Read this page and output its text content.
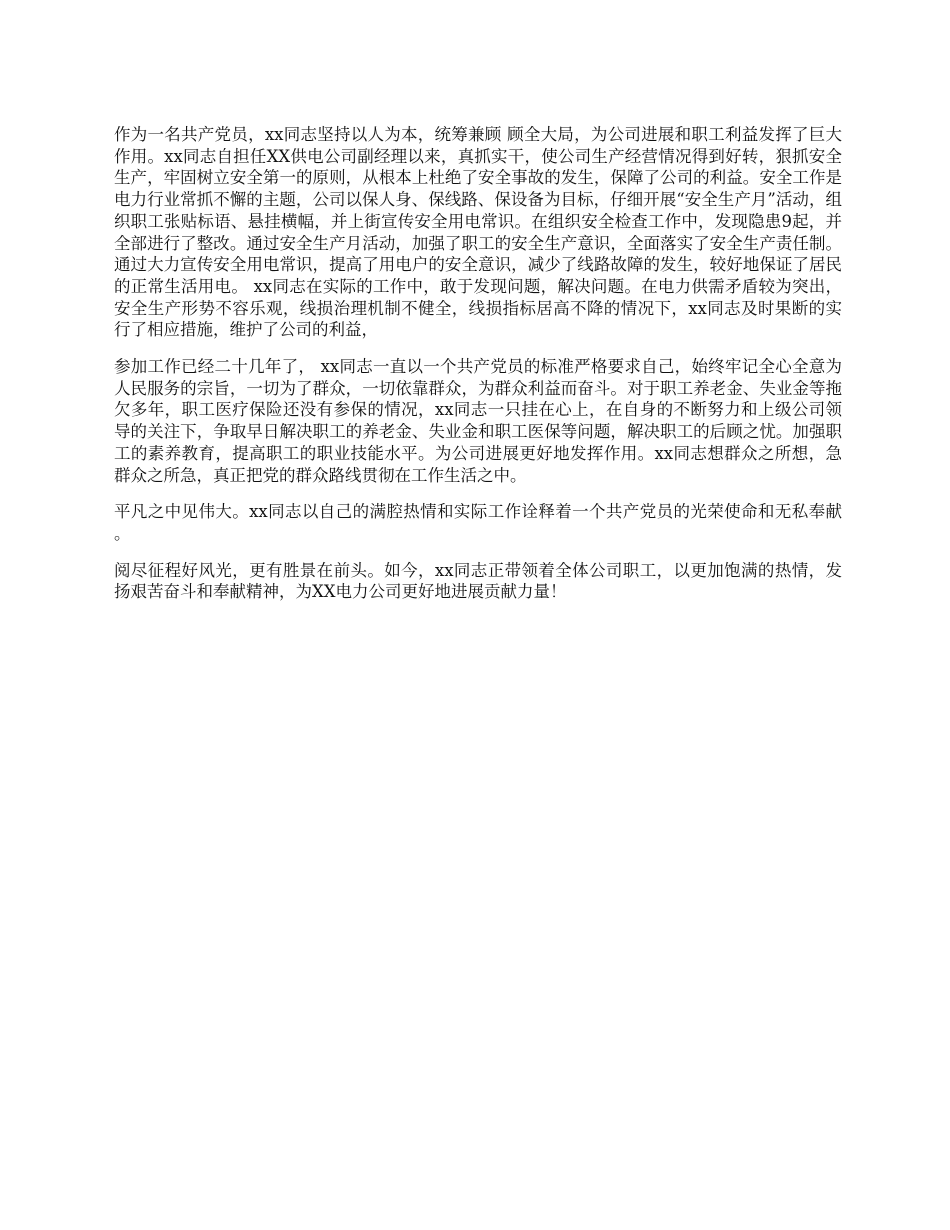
作为一名共产党员，xx同志坚持以人为本，统筹兼顾 顾全大局，为公司进展和职工利益发挥了巨大作用。xx同志自担任XX供电公司副经理以来，真抓实干，使公司生产经营情况得到好转，狠抓安全生产，牢固树立安全第一的原则，从根本上杜绝了安全事故的发生，保障了公司的利益。安全工作是电力行业常抓不懈的主题，公司以保人身、保线路、保设备为目标，仔细开展“安全生产月”活动，组织职工张贴标语、悬挂横幅，并上街宣传安全用电常识。在组织安全检查工作中，发现隐患9起，并全部进行了整改。通过安全生产月活动，加强了职工的安全生产意识，全面落实了安全生产责任制。通过大力宣传安全用电常识，提高了用电户的安全意识，减少了线路故障的发生，较好地保证了居民的正常生活用电。 xx同志在实际的工作中，敢于发现问题，解决问题。在电力供需矛盾较为突出，安全生产形势不容乐观，线损治理机制不健全，线损指标居高不降的情况下，xx同志及时果断的实行了相应措施，维护了公司的利益，

参加工作已经二十几年了， xx同志一直以一个共产党员的标准严格要求自己，始终牢记全心全意为人民服务的宗旨，一切为了群众，一切依靠群众，为群众利益而奋斗。对于职工养老金、失业金等拖欠多年，职工医疗保险还没有参保的情况，xx同志一只挂在心上，在自身的不断努力和上级公司领导的关注下，争取早日解决职工的养老金、失业金和职工医保等问题，解决职工的后顾之忧。加强职工的素养教育，提高职工的职业技能水平。为公司进展更好地发挥作用。xx同志想群众之所想，急群众之所急，真正把党的群众路线贯彻在工作生活之中。

平凡之中见伟大。xx同志以自己的满腔热情和实际工作诠释着一个共产党员的光荣使命和无私奉献。

阅尽征程好风光，更有胜景在前头。如今，xx同志正带领着全体公司职工，以更加饱满的热情，发扬艰苦奋斗和奉献精神，为XX电力公司更好地进展贡献力量！
